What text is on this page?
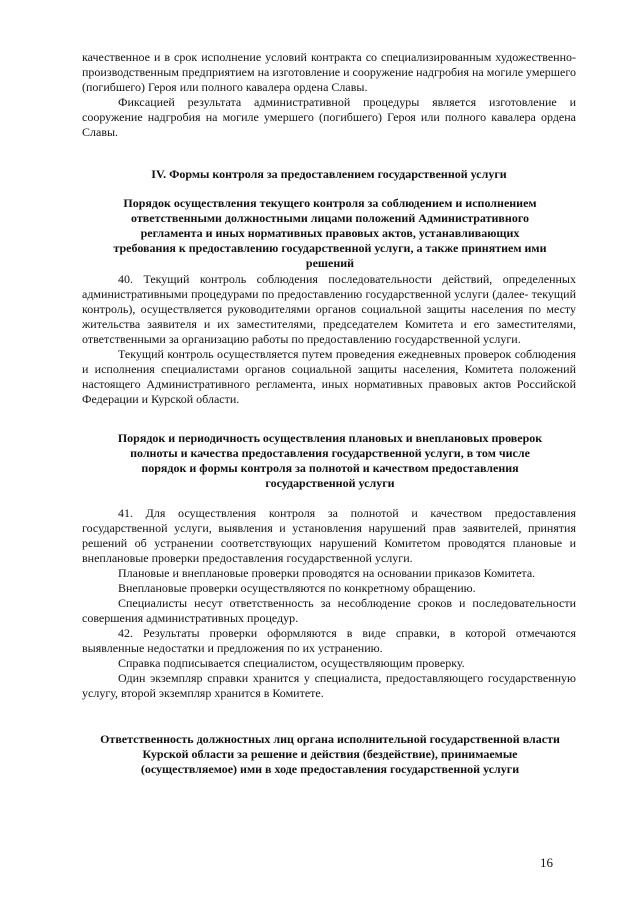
качественное и в срок исполнение условий контракта со специализированным художественно-производственным предприятием на изготовление и сооружение надгробия на могиле умершего (погибшего) Героя или полного кавалера ордена Славы.

Фиксацией результата административной процедуры является изготовление и сооружение надгробия на могиле умершего (погибшего) Героя или полного кавалера ордена Славы.

IV. Формы контроля за предоставлением государственной услуги

Порядок осуществления текущего контроля за соблюдением и исполнением ответственными должностными лицами положений Административного регламента и иных нормативных правовых актов, устанавливающих требования к предоставлению государственной услуги, а также принятием ими решений

40. Текущий контроль соблюдения последовательности действий, определенных административными процедурами по предоставлению государственной услуги (далее- текущий контроль), осуществляется руководителями органов социальной защиты населения по месту жительства заявителя и их заместителями, председателем Комитета и его заместителями, ответственными за организацию работы по предоставлению государственной услуги.

Текущий контроль осуществляется путем проведения ежедневных проверок соблюдения и исполнения специалистами органов социальной защиты населения, Комитета положений настоящего Административного регламента, иных нормативных правовых актов Российской Федерации и Курской области.

Порядок и периодичность осуществления плановых и внеплановых проверок полноты и качества предоставления государственной услуги, в том числе порядок и формы контроля за полнотой и качеством предоставления государственной услуги

41. Для осуществления контроля за полнотой и качеством предоставления государственной услуги, выявления и установления нарушений прав заявителей, принятия решений об устранении соответствующих нарушений Комитетом проводятся плановые и внеплановые проверки предоставления государственной услуги.

Плановые и внеплановые проверки проводятся на основании приказов Комитета.

Внеплановые проверки осуществляются по конкретному обращению.

Специалисты несут ответственность за несоблюдение сроков и последовательности совершения административных процедур.

42. Результаты проверки оформляются в виде справки, в которой отмечаются выявленные недостатки и предложения по их устранению.

Справка подписывается специалистом, осуществляющим проверку.

Один экземпляр справки хранится у специалиста, предоставляющего государственную услугу, второй экземпляр хранится в Комитете.

Ответственность должностных лиц органа исполнительной государственной власти Курской области за решение и действия (бездействие), принимаемые (осуществляемое) ими в ходе предоставления государственной услуги

16
